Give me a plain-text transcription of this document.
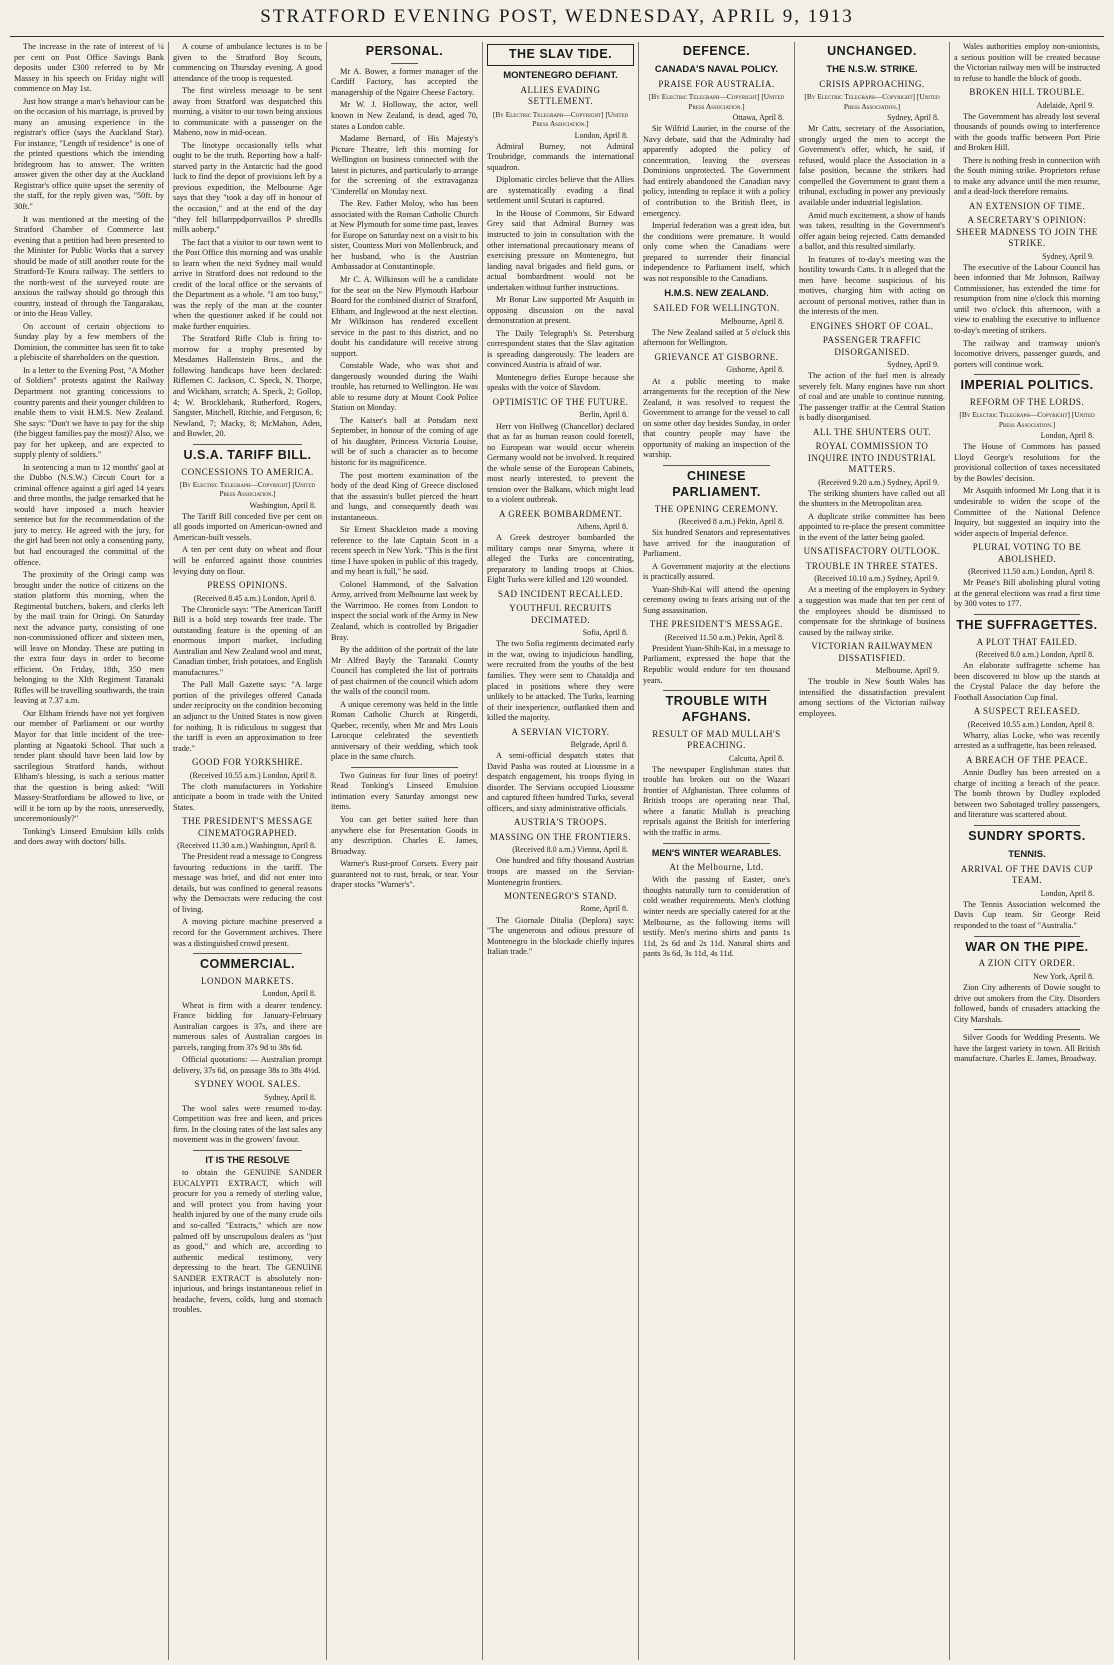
STRATFORD EVENING POST, WEDNESDAY, APRIL 9, 1913

The increase in the rate of interest of ¼ per cent on Post Office Savings Bank deposits under £300 referred to by Mr Massey in his speech on Friday night will commence on May 1st.

Just how strange a man's behaviour can be on the occasion of his marriage, is proved by many an amusing experience in the registrar's office (says the Auckland Star). For instance, "Length of residence" is one of the printed questions which the intending bridegroom has to answer. The written answer given the other day at the Auckland Registrar's office quite upset the serenity of the staff, for the reply given was, "50ft. by 30ft."

It was mentioned at the meeting of the Stratford Chamber of Commerce last evening that a petition had been presented to the Minister for Public Works that a survey should be made of still another route for the Stratford-Te Koura railway. The settlers to the north-west of the surveyed route are anxious the railway should go through this country, instead of through the Tangarakau, or into the Heao Valley.

On account of certain objections to Sunday play by a few members of the Dominion, the committee has seen fit to take a plebiscite of shareholders on the question.

In a letter to the Evening Post, "A Mother of Soldiers" protests against the Railway Department not granting concessions to country parents and their younger children to enable them to visit H.M.S. New Zealand. She says: "Don't we have to pay for the ship (the biggest families pay the most)? Also, we pay for her upkeep, and are expected to supply plenty of soldiers."

In sentencing a man to 12 months' gaol at the Dubbo (N.S.W.) Circuit Court for a criminal offence against a girl aged 14 years and three months, the judge remarked that he would have imposed a much heavier sentence but for the recommendation of the jury to mercy. He agreed with the jury, for the girl had been not only a consenting party, but had encouraged the committal of the offence.

The proximity of the Oringi camp was brought under the notice of citizens on the station platform this morning, when the Regimental butchers, bakers, and clerks left by the mail train for Oringi. On Saturday next the advance party, consisting of one non-commissioned officer and sixteen men, will leave on Monday. These are putting in the extra four days in order to become efficient. On Friday, 18th, 350 men belonging to the XIth Regiment Taranaki Rifles will be travelling southwards, the train leaving at 7.37 a.m.

Our Eltham friends have not yet forgiven our member of Parliament or our worthy Mayor for that little incident of the tree-planting at Ngaatoki School. That such a tender plant should have been laid low by sacrilegious Stratford hands, without Eltham's blessing, is such a serious matter that the question is being asked: "Will Massey-Stratfordians be allowed to live, or will it be torn up by the roots, unreservedly, unceremoniously?"

Tonking's Linseed Emulsion kills colds and does away with doctors' bills.

A course of ambulance lectures is to be given to the Stratford Boy Scouts, commencing on Thursday evening. A good attendance of the troop is requested.

The first wireless message to be sent away from Stratford was despatched this morning, a visitor to our town being anxious to communicate with a passenger on the Maheno, now in mid-ocean.

The linotype occasionally tells what ought to be the truth. Reporting how a half-starved party in the Antarctic had the good luck to find the depot of provisions left by a previous expedition, the Melbourne Age says that they "took a day off in honour of the occasion," and at the end of the day "they fell billarrppdporrvaillos P shredlls mills aoberp."

The fact that a visitor to our town went to the Post Office this morning and was unable to learn when the next Sydney mail would arrive in Stratford does not redound to the credit of the local office or the servants of the Department as a whole. "I am too busy," was the reply of the man at the counter when the questioner asked if he could not make further enquiries.

The Stratford Rifle Club is firing to-morrow for a trophy presented by Mesdames Hallenstein Bros., and the following handicaps have been declared: Riflemen C. Jackson, C. Speck, N. Thorpe, and Wickham, scratch; A. Speck, 2; Gollop, 4; W. Brocklebank, Rutherford, Rogers, Sangster, Mitchell, Ritchie, and Ferguson, 6; Newland, 7; Macky, 8; McMahon, Aden, and Bowler, 20.

U.S.A. TARIFF BILL.
CONCESSIONS TO AMERICA.
[By Electric Telegraph—Copyright] [United Press Association.]
Washington, April 8.

The Tariff Bill conceded five per cent on all goods imported on American-owned and American-built vessels.

A ten per cent duty on wheat and flour will be enforced against those countries levying duty on flour.

PRESS OPINIONS.
(Received 8.45 a.m.) London, April 8.

The Chronicle says: "The American Tariff Bill is a bold step towards free trade. The outstanding feature is the opening of an enormous import market, including Australian and New Zealand wool and meat, Canadian timber, Irish potatoes, and English manufactures."

The Pall Mall Gazette says: "A large portion of the privileges offered Canada under reciprocity on the condition becoming an adjunct to the United States is now given for nothing. It is ridiculous to suggest that the tariff is even an approximation to free trade."

GOOD FOR YORKSHIRE.
(Received 10.55 a.m.) London, April 8.

The cloth manufacturers in Yorkshire anticipate a boom in trade with the United States.

THE PRESIDENT'S MESSAGE CINEMATOGRAPHED.
(Received 11.30 a.m.) Washington, April 8.

The President read a message to Congress favouring reductions in the tariff. The message was brief, and did not enter into details, but was confined to general reasons why the Democrats were reducing the cost of living.

A moving picture machine preserved a record for the Government archives. There was a distinguished crowd present.

COMMERCIAL.
LONDON MARKETS.
London, April 8.

Wheat is firm with a dearer tendency. France bidding for January-February Australian cargoes is 37s, and there are numerous sales of Australian cargoes in parcels, ranging from 37s 9d to 38s 6d.

Official quotations: — Australian prompt delivery, 37s 6d, on passage 38s to 38s 4½d.

SYDNEY WOOL SALES.
Sydney, April 8.

The wool sales were resumed to-day. Competition was free and keen, and prices firm. In the closing rates of the last sales any movement was in the growers' favour.

IT IS THE RESOLVE

to obtain the GENUINE SANDER EUCALYPTI EXTRACT, which will procure for you a remedy of sterling value, and will protect you from having your health injured by one of the many crude oils and so-called "Extracts," which are now palmed off by unscrupulous dealers as "just as good," and which are, according to authentic medical testimony, very depressing to the heart. The GENUINE SANDER EXTRACT is absolutely non-injurious, and brings instantaneous relief in headache, fevers, colds, lung and stomach troubles.

PERSONAL.

Mr A. Bower, a former manager of the Cardiff Factory, has accepted the managership of the Ngaire Cheese Factory.

Mr W. J. Holloway, the actor, well known in New Zealand, is dead, aged 70, states a London cable.

Madame Bernard, of His Majesty's Picture Theatre, left this morning for Wellington on business connected with the latest in pictures, and particularly to arrange for the screening of the extravaganza 'Cinderella' on Monday next.

The Rev. Father Moloy, who has been associated with the Roman Catholic Church at New Plymouth for some time past, leaves for Europe on Saturday next on a visit to his sister, Countess Mori von Mollenbruck, and her husband, who is the Austrian Ambassador at Constantinople.

Mr C. A. Wilkinson will be a candidate for the seat on the New Plymouth Harbour Board for the combined district of Stratford, Eltham, and Inglewood at the next election. Mr Wilkinson has rendered excellent service in the past to this district, and no doubt his candidature will receive strong support.

Constable Wade, who was shot and dangerously wounded during the Waihi trouble, has returned to Wellington. He was able to resume duty at Mount Cook Police Station on Monday.

The Kaiser's ball at Potsdam next September, in honour of the coming of age of his daughter, Princess Victoria Louise, will be of such a character as to become historic for its magnificence.

The post mortem examination of the body of the dead King of Greece disclosed that the assassin's bullet pierced the heart and lungs, and consequently death was instantaneous.

Sir Ernest Shackleton made a moving reference to the late Captain Scott in a recent speech in New York. "This is the first time I have spoken in public of this tragedy, and my heart is full," he said.

Colonel Hammond, of the Salvation Army, arrived from Melbourne last week by the Warrimoo. He comes from London to inspect the social work of the Army in New Zealand, which is controlled by Brigadier Bray.

By the addition of the portrait of the late Mr Alfred Bayly the Taranaki County Council has completed the list of portraits of past chairmen of the council which adorn the walls of the council room.

A unique ceremony was held in the little Roman Catholic Church at Ringerdi, Quebec, recently, when Mr and Mrs Louis Larocque celebrated the seventieth anniversary of their wedding, which took place in the same church.

Two Guineas for four lines of poetry! Read Tonking's Linseed Emulsion intimation every Saturday amongst new items.

You can get better suited here than anywhere else for Presentation Goods in any description. Charles E. James, Broadway.

Warner's Rust-proof Corsets. Every pair guaranteed not to rust, break, or tear. Your draper stocks "Warner's".

THE SLAV TIDE.
MONTENEGRO DEFIANT.
ALLIES EVADING SETTLEMENT.
[By Electric Telegraph—Copyright] [United Press Association.]
London, April 8.

Admiral Burney, not Admiral Troubridge, commands the international squadron.

Diplomatic circles believe that the Allies are systematically evading a final settlement until Scutari is captured.

In the House of Commons, Sir Edward Grey said that Admiral Burney was instructed to join in consultation with the other international precautionary means of exercising pressure on Montenegro, but landing naval brigades and field guns, or actual bombardment would not be undertaken without further instructions.

Mr Bonar Law supported Mr Asquith in opposing discussion on the naval demonstration at present.

The Daily Telegraph's St. Petersburg correspondent states that the Slav agitation is spreading dangerously. The leaders are convinced Austria is afraid of war.

Montenegro defies Europe because she speaks with the voice of Slavdom.

OPTIMISTIC OF THE FUTURE.
Berlin, April 8.

Herr von Hollweg (Chancellor) declared that as far as human reason could foretell, no European war would occur wherein Germany would not be involved. It required the whole sense of the European Cabinets, most nearly interested, to prevent the tension over the Balkans, which might lead to a violent outbreak.

A GREEK BOMBARDMENT.
Athens, April 8.

A Greek destroyer bombarded the military camps near Smyrna, where it alleged the Turks are concentrating, preparatory to landing troops at Chios. Eight Turks were killed and 120 wounded.

SAD INCIDENT RECALLED.
YOUTHFUL RECRUITS DECIMATED.
Sofia, April 8.

The two Sofia regiments decimated early in the war, owing to injudicious handling, were recruited from the youths of the best families. They were sent to Chataldja and placed in positions where they were unlikely to be attacked. The Turks, learning of their inexperience, outflanked them and killed the majority.

A SERVIAN VICTORY.
Belgrade, April 8.

A semi-official despatch states that David Pasha was routed at Lioussme in a despatch engagement, his troops flying in disorder. The Servians occupied Lioussme and captured fifteen hundred Turks, several officers, and sixty administrative officials.

AUSTRIA'S TROOPS.
MASSING ON THE FRONTIERS.
(Received 8.0 a.m.) Vienna, April 8.

One hundred and fifty thousand Austrian troops are massed on the Servian-Montenegrin frontiers.

MONTENEGRO'S STAND.
Rome, April 8.

The Giornale Ditalia (Deplora) says: "The ungenerous and odious pressure of Montenegro in the blockade chiefly injures Italian trade."

DEFENCE.
CANADA'S NAVAL POLICY.
PRAISE FOR AUSTRALIA.
[By Electric Telegraph—Copyright] [United Press Association.]
Ottawa, April 8.

Sir Wilfrid Laurier, in the course of the Navy debate, said that the Admiralty had apparently adopted the policy of concentration, leaving the overseas Dominions unprotected. The Government had entirely abandoned the Canadian navy policy, intending to replace it with a policy of contribution to the British fleet, in emergency.

Imperial federation was a great idea, but the conditions were premature. It would only come when the Canadians were prepared to surrender their financial independence to Parliament itself, which was not responsible to the Canadians.

H.M.S. NEW ZEALAND.
SAILED FOR WELLINGTON.
Melbourne, April 8.

The New Zealand sailed at 5 o'clock this afternoon for Wellington.

GRIEVANCE AT GISBORNE.
Gisborne, April 8.

At a public meeting to make arrangements for the reception of the New Zealand, it was resolved to request the Government to arrange for the vessel to call on some other day besides Sunday, in order that country people may have the opportunity of making an inspection of the warship.

CHINESE PARLIAMENT.
THE OPENING CEREMONY.
(Received 8 a.m.) Pekin, April 8.

Six hundred Senators and representatives have arrived for the inauguration of Parliament.

A Government majority at the elections is practically assured.

Yuan-Shih-Kai will attend the opening ceremony owing to fears arising out of the Sung assassination.

THE PRESIDENT'S MESSAGE.
(Received 11.50 a.m.) Pekin, April 8.

President Yuan-Shih-Kai, in a message to Parliament, expressed the hope that the Republic would endure for ten thousand years.

TROUBLE WITH AFGHANS.
RESULT OF MAD MULLAH'S PREACHING.
Calcutta, April 8.

The newspaper Englishman states that trouble has broken out on the Wazari frontier of Afghanistan. Three columns of British troops are operating near Thal, where a fanatic Mullah is preaching reprisals against the British for interfering with the traffic in arms.

MEN'S WINTER WEARABLES.
At the Melbourne, Ltd.

With the passing of Easter, one's thoughts naturally turn to consideration of cold weather requirements. Men's clothing winter needs are specially catered for at the Melbourne, as the following items will testify. Men's merino shirts and pants 1s 11d, 2s 6d and 2s 11d. Natural shirts and pants 3s 6d, 3s 11d, 4s 11d.

UNCHANGED.
THE N.S.W. STRIKE.
CRISIS APPROACHING.
[By Electric Telegraph—Copyright] [United Press Association.]
Sydney, April 8.

Mr Catts, secretary of the Association, strongly urged the men to accept the Government's offer, which, he said, if refused, would place the Association in a false position, because the strikers had compelled the Government to grant them a tribunal, excluding in power any previously available under industrial legislation.

Amid much excitement, a show of hands was taken, resulting in the Government's offer again being rejected. Catts demanded a ballot, and this resulted similarly.

In features of to-day's meeting was the hostility towards Catts. It is alleged that the men have become suspicious of his motives, charging him with acting on account of personal motives, rather than in the interests of the men.

ENGINES SHORT OF COAL.
PASSENGER TRAFFIC DISORGANISED.
Sydney, April 9.

The action of the fuel men is already severely felt. Many engines have run short of coal and are unable to continue running. The passenger traffic at the Central Station is badly disorganised.

ALL THE SHUNTERS OUT.
ROYAL COMMISSION TO INQUIRE INTO INDUSTRIAL MATTERS.
(Received 9.20 a.m.) Sydney, April 9.

The striking shunters have called out all the shunters in the Metropolitan area.

A duplicate strike committee has been appointed to re-place the present committee in the event of the latter being gaoled.

UNSATISFACTORY OUTLOOK.
TROUBLE IN THREE STATES.
(Received 10.10 a.m.) Sydney, April 9.

At a meeting of the employers in Sydney a suggestion was made that ten per cent of the employees should be dismissed to compensate for the shrinkage of business caused by the railway strike.

VICTORIAN RAILWAYMEN DISSATISFIED.
Melbourne, April 9.

The trouble in New South Wales has intensified the dissatisfaction prevalent among sections of the Victorian railway employees.

Wales authorities employ non-unionists, a serious position will be created because the Victorian railway men will be instructed to refuse to handle the block of goods.

BROKEN HILL TROUBLE.
Adelaide, April 9.

The Government has already lost several thousands of pounds owing to interference with the goods traffic between Port Pirie and Broken Hill.

There is nothing fresh in connection with the South mining strike. Proprietors refuse to make any advance until the men resume, and a dead-lock therefore remains.

AN EXTENSION OF TIME.
A SECRETARY'S OPINION: SHEER MADNESS TO JOIN THE STRIKE.
Sydney, April 9.

The executive of the Labour Council has been informed that Mr Johnson, Railway Commissioner, has extended the time for resumption from nine o'clock this morning until two o'clock this afternoon, with a view to enabling the executive to influence to-day's meeting of strikers.

The railway and tramway union's locomotive drivers, passenger guards, and porters will continue work.

IMPERIAL POLITICS.
REFORM OF THE LORDS.
[By Electric Telegraph—Copyright] [United Press Association.]
London, April 8.

The House of Commons has passed Lloyd George's resolutions for the provisional collection of taxes necessitated by the Bowles' decision.

Mr Asquith informed Mr Long that it is undesirable to widen the scope of the Committee of the National Defence Inquiry, but suggested an inquiry into the wider aspects of Imperial defence.

PLURAL VOTING TO BE ABOLISHED.
(Received 11.50 a.m.) London, April 8.

Mr Pease's Bill abolishing plural voting at the general elections was read a first time by 300 votes to 177.

THE SUFFRAGETTES.
A PLOT THAT FAILED.
(Received 8.0 a.m.) London, April 8.

An elaborate suffragette scheme has been discovered to blow up the stands at the Crystal Palace the day before the Football Association Cup final.

A SUSPECT RELEASED.
(Received 10.55 a.m.) London, April 8.

Wharry, alias Locke, who was recently arrested as a suffragette, has been released.

A BREACH OF THE PEACE.

Annie Dudley has been arrested on a charge of inciting a breach of the peace. The bomb thrown by Dudley exploded between two Sabotaged trolley passengers, and literature was scattered about.

SUNDRY SPORTS.
TENNIS.
ARRIVAL OF THE DAVIS CUP TEAM.
London, April 8.

The Tennis Association welcomed the Davis Cup team. Sir George Reid responded to the toast of "Australia."

WAR ON THE PIPE.
A ZION CITY ORDER.
New York, April 8.

Zion City adherents of Dowie sought to drive out smokers from the City. Disorders followed, bands of crusaders attacking the City Marshals.

Silver Goods for Wedding Presents. We have the largest variety in town. All British manufacture. Charles E. James, Broadway.
